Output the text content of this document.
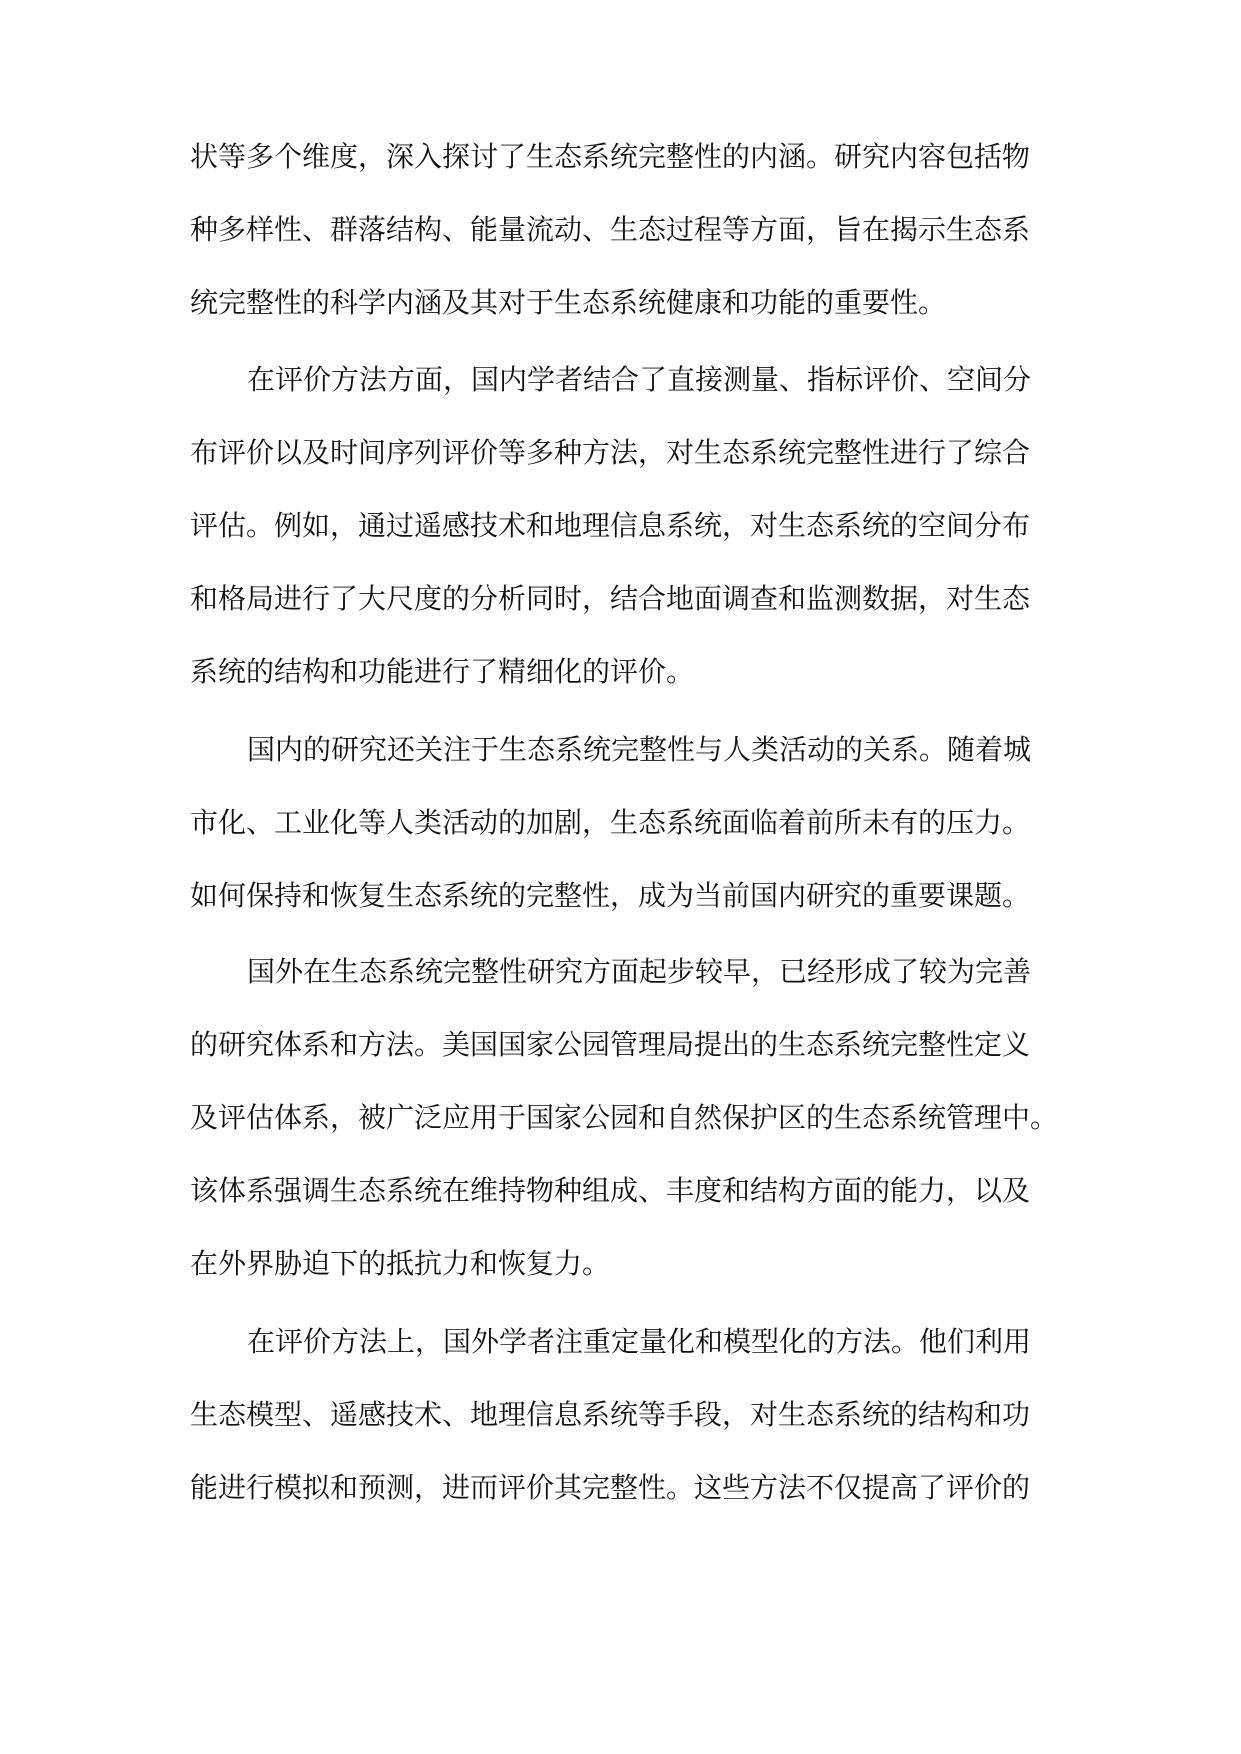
状等多个维度，深入探讨了生态系统完整性的内涵。研究内容包括物
种多样性、群落结构、能量流动、生态过程等方面，旨在揭示生态系
统完整性的科学内涵及其对于生态系统健康和功能的重要性。
在评价方法方面，国内学者结合了直接测量、指标评价、空间分
布评价以及时间序列评价等多种方法，对生态系统完整性进行了综合
评估。例如，通过遥感技术和地理信息系统，对生态系统的空间分布
和格局进行了大尺度的分析同时，结合地面调查和监测数据，对生态
系统的结构和功能进行了精细化的评价。
国内的研究还关注于生态系统完整性与人类活动的关系。随着城
市化、工业化等人类活动的加剧，生态系统面临着前所未有的压力。
如何保持和恢复生态系统的完整性，成为当前国内研究的重要课题。
国外在生态系统完整性研究方面起步较早，已经形成了较为完善
的研究体系和方法。美国国家公园管理局提出的生态系统完整性定义
及评估体系，被广泛应用于国家公园和自然保护区的生态系统管理中。
该体系强调生态系统在维持物种组成、丰度和结构方面的能力，以及
在外界胁迫下的抵抗力和恢复力。
在评价方法上，国外学者注重定量化和模型化的方法。他们利用
生态模型、遥感技术、地理信息系统等手段，对生态系统的结构和功
能进行模拟和预测，进而评价其完整性。这些方法不仅提高了评价的
